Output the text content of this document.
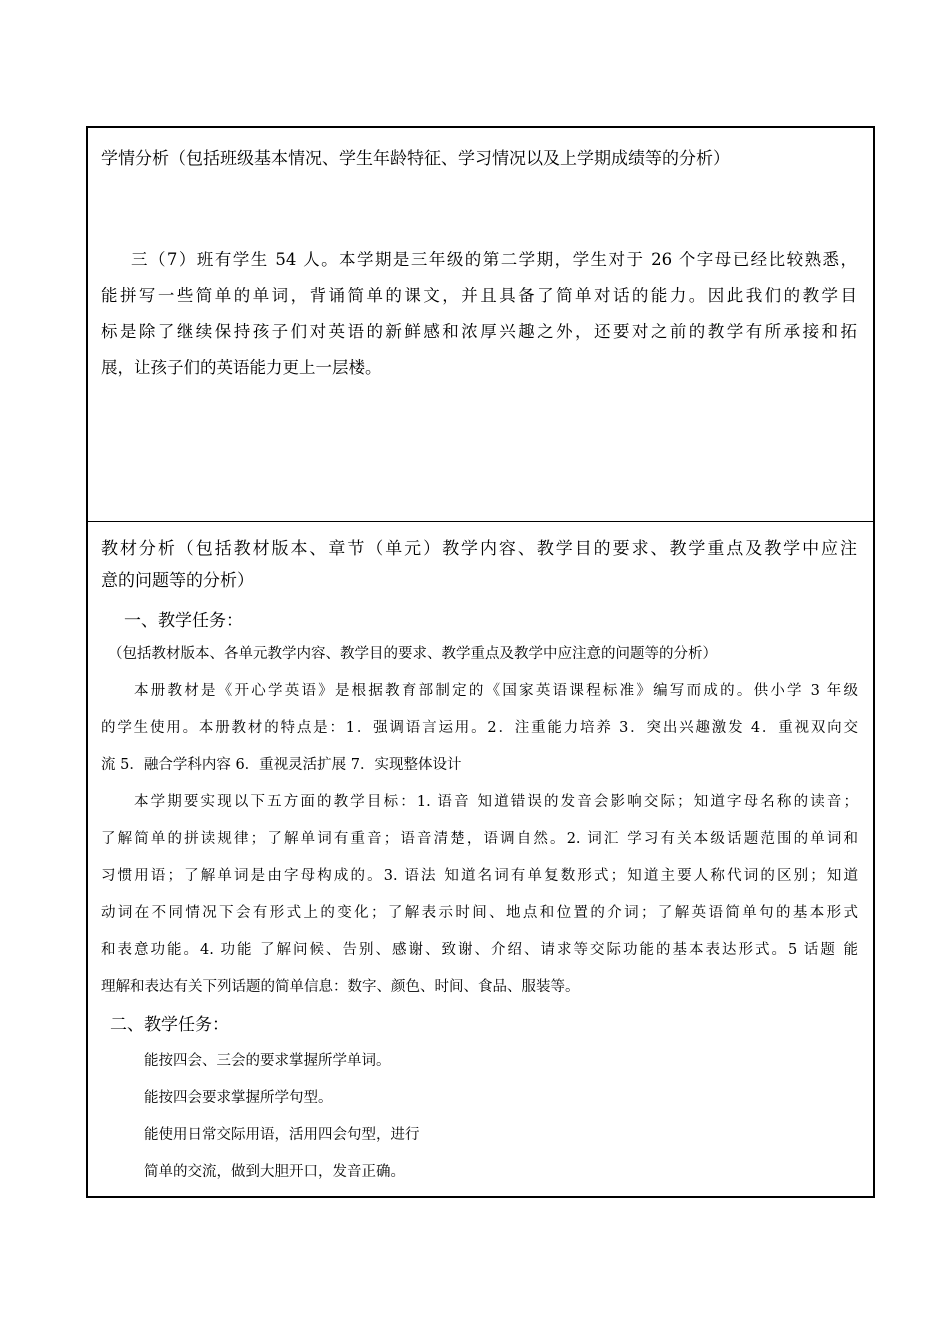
学情分析（包括班级基本情况、学生年龄特征、学习情况以及上学期成绩等的分析）
三（7）班有学生 54 人。本学期是三年级的第二学期，学生对于 26 个字母已经比较熟悉，
能拼写一些简单的单词，背诵简单的课文，并且具备了简单对话的能力。因此我们的教学目
标是除了继续保持孩子们对英语的新鲜感和浓厚兴趣之外，还要对之前的教学有所承接和拓
展，让孩子们的英语能力更上一层楼。
教材分析（包括教材版本、章节（单元）教学内容、教学目的要求、教学重点及教学中应注
意的问题等的分析）
一、教学任务：
（包括教材版本、各单元教学内容、教学目的要求、教学重点及教学中应注意的问题等的分析）
本册教材是《开心学英语》是根据教育部制定的《国家英语课程标准》编写而成的。供小学 3 年级
的学生使用。本册教材的特点是：1．强调语言运用。2．注重能力培养 3．突出兴趣激发 4．重视双向交
流 5．融合学科内容 6．重视灵活扩展 7．实现整体设计
本学期要实现以下五方面的教学目标：1. 语音 知道错误的发音会影响交际；知道字母名称的读音；
了解简单的拼读规律；了解单词有重音；语音清楚，语调自然。2. 词汇 学习有关本级话题范围的单词和
习惯用语；了解单词是由字母构成的。3. 语法 知道名词有单复数形式；知道主要人称代词的区别；知道
动词在不同情况下会有形式上的变化；了解表示时间、地点和位置的介词；了解英语简单句的基本形式
和表意功能。4. 功能 了解问候、告别、感谢、致谢、介绍、请求等交际功能的基本表达形式。5 话题 能
理解和表达有关下列话题的简单信息：数字、颜色、时间、食品、服装等。
二、教学任务：
能按四会、三会的要求掌握所学单词。
能按四会要求掌握所学句型。
能使用日常交际用语，活用四会句型，进行
简单的交流，做到大胆开口，发音正确。
